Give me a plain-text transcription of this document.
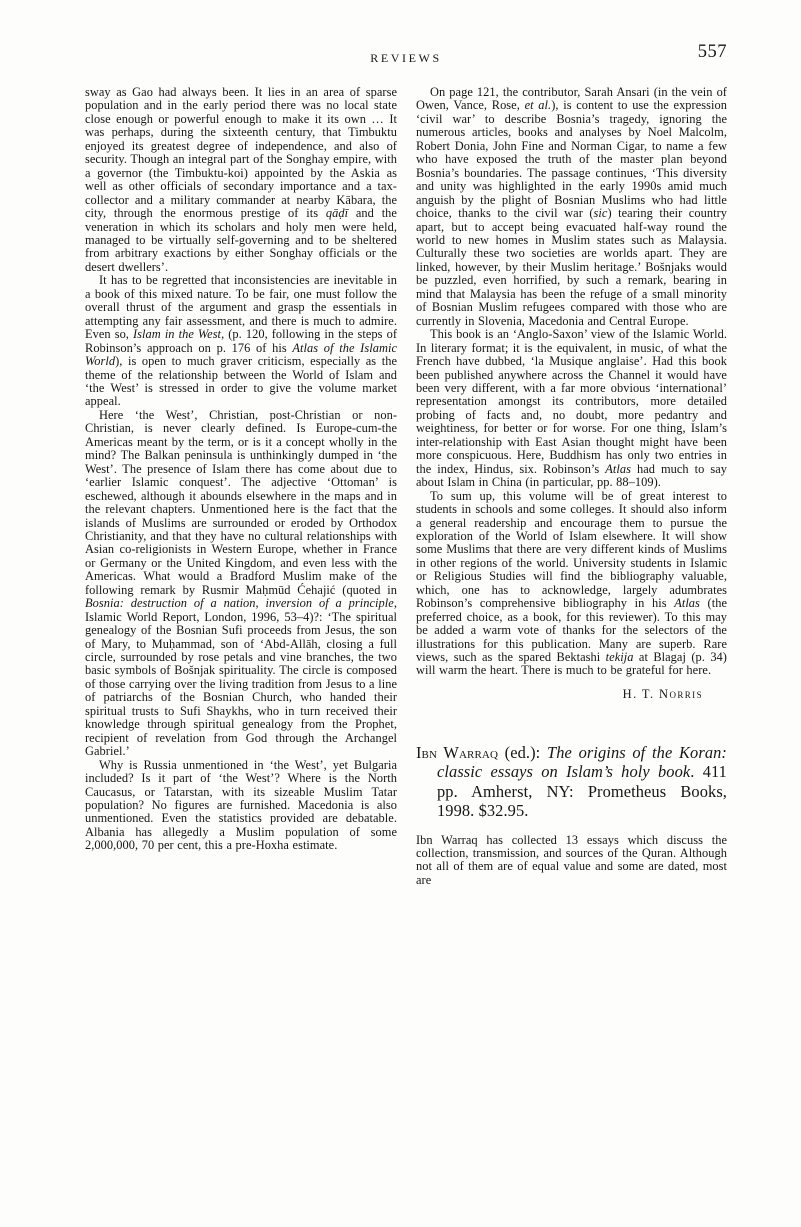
REVIEWS	557

sway as Gao had always been. It lies in an area of sparse population and in the early period there was no local state close enough or powerful enough to make it its own … It was perhaps, during the sixteenth century, that Timbuktu enjoyed its greatest degree of independence, and also of security. Though an integral part of the Songhay empire, with a governor (the Timbuktu-koi) appointed by the Askia as well as other officials of secondary importance and a tax-collector and a military commander at nearby Kābara, the city, through the enormous prestige of its qāḍī and the veneration in which its scholars and holy men were held, managed to be virtually self-governing and to be sheltered from arbitrary exactions by either Songhay officials or the desert dwellers’.

It has to be regretted that inconsistencies are inevitable in a book of this mixed nature. To be fair, one must follow the overall thrust of the argument and grasp the essentials in attempting any fair assessment, and there is much to admire. Even so, Islam in the West, (p. 120, following in the steps of Robinson’s approach on p. 176 of his Atlas of the Islamic World), is open to much graver criticism, especially as the theme of the relationship between the World of Islam and ‘the West’ is stressed in order to give the volume market appeal.

Here ‘the West’, Christian, post-Christian or non-Christian, is never clearly defined. Is Europe-cum-the Americas meant by the term, or is it a concept wholly in the mind? The Balkan peninsula is unthinkingly dumped in ‘the West’. The presence of Islam there has come about due to ‘earlier Islamic conquest’. The adjective ‘Ottoman’ is eschewed, although it abounds elsewhere in the maps and in the relevant chapters. Unmentioned here is the fact that the islands of Muslims are surrounded or eroded by Orthodox Christianity, and that they have no cultural relationships with Asian co-religionists in Western Europe, whether in France or Germany or the United Kingdom, and even less with the Americas. What would a Bradford Muslim make of the following remark by Rusmir Maḥmūd Ćehajić (quoted in Bosnia: destruction of a nation, inversion of a principle, Islamic World Report, London, 1996, 53–4)?: ‘The spiritual genealogy of the Bosnian Sufi proceeds from Jesus, the son of Mary, to Muḥammad, son of ‘Abd-Allāh, closing a full circle, surrounded by rose petals and vine branches, the two basic symbols of Bošnjak spirituality. The circle is composed of those carrying over the living tradition from Jesus to a line of patriarchs of the Bosnian Church, who handed their spiritual trusts to Sufi Shaykhs, who in turn received their knowledge through spiritual genealogy from the Prophet, recipient of revelation from God through the Archangel Gabriel.’

Why is Russia unmentioned in ‘the West’, yet Bulgaria included? Is it part of ‘the West’? Where is the North Caucasus, or Tatarstan, with its sizeable Muslim Tatar population? No figures are furnished. Macedonia is also unmentioned. Even the statistics provided are debatable. Albania has allegedly a Muslim population of some 2,000,000, 70 per cent, this a pre-Hoxha estimate.

On page 121, the contributor, Sarah Ansari (in the vein of Owen, Vance, Rose, et al.), is content to use the expression ‘civil war’ to describe Bosnia’s tragedy, ignoring the numerous articles, books and analyses by Noel Malcolm, Robert Donia, John Fine and Norman Cigar, to name a few who have exposed the truth of the master plan beyond Bosnia’s boundaries. The passage continues, ‘This diversity and unity was highlighted in the early 1990s amid much anguish by the plight of Bosnian Muslims who had little choice, thanks to the civil war (sic) tearing their country apart, but to accept being evacuated half-way round the world to new homes in Muslim states such as Malaysia. Culturally these two societies are worlds apart. They are linked, however, by their Muslim heritage.’ Bošnjaks would be puzzled, even horrified, by such a remark, bearing in mind that Malaysia has been the refuge of a small minority of Bosnian Muslim refugees compared with those who are currently in Slovenia, Macedonia and Central Europe.

This book is an ‘Anglo-Saxon’ view of the Islamic World. In literary format; it is the equivalent, in music, of what the French have dubbed, ‘la Musique anglaise’. Had this book been published anywhere across the Channel it would have been very different, with a far more obvious ‘international’ representation amongst its contributors, more detailed probing of facts and, no doubt, more pedantry and weightiness, for better or for worse. For one thing, Islam’s inter-relationship with East Asian thought might have been more conspicuous. Here, Buddhism has only two entries in the index, Hindus, six. Robinson’s Atlas had much to say about Islam in China (in particular, pp. 88–109).

To sum up, this volume will be of great interest to students in schools and some colleges. It should also inform a general readership and encourage them to pursue the exploration of the World of Islam elsewhere. It will show some Muslims that there are very different kinds of Muslims in other regions of the world. University students in Islamic or Religious Studies will find the bibliography valuable, which, one has to acknowledge, largely adumbrates Robinson’s comprehensive bibliography in his Atlas (the preferred choice, as a book, for this reviewer). To this may be added a warm vote of thanks for the selectors of the illustrations for this publication. Many are superb. Rare views, such as the spared Bektashi tekija at Blagaj (p. 34) will warm the heart. There is much to be grateful for here.

H. T. Norris
Ibn Warraq (ed.): The origins of the Koran: classic essays on Islam’s holy book. 411 pp. Amherst, NY: Prometheus Books, 1998. $32.95.

Ibn Warraq has collected 13 essays which discuss the collection, transmission, and sources of the Quran. Although not all of them are of equal value and some are dated, most are
